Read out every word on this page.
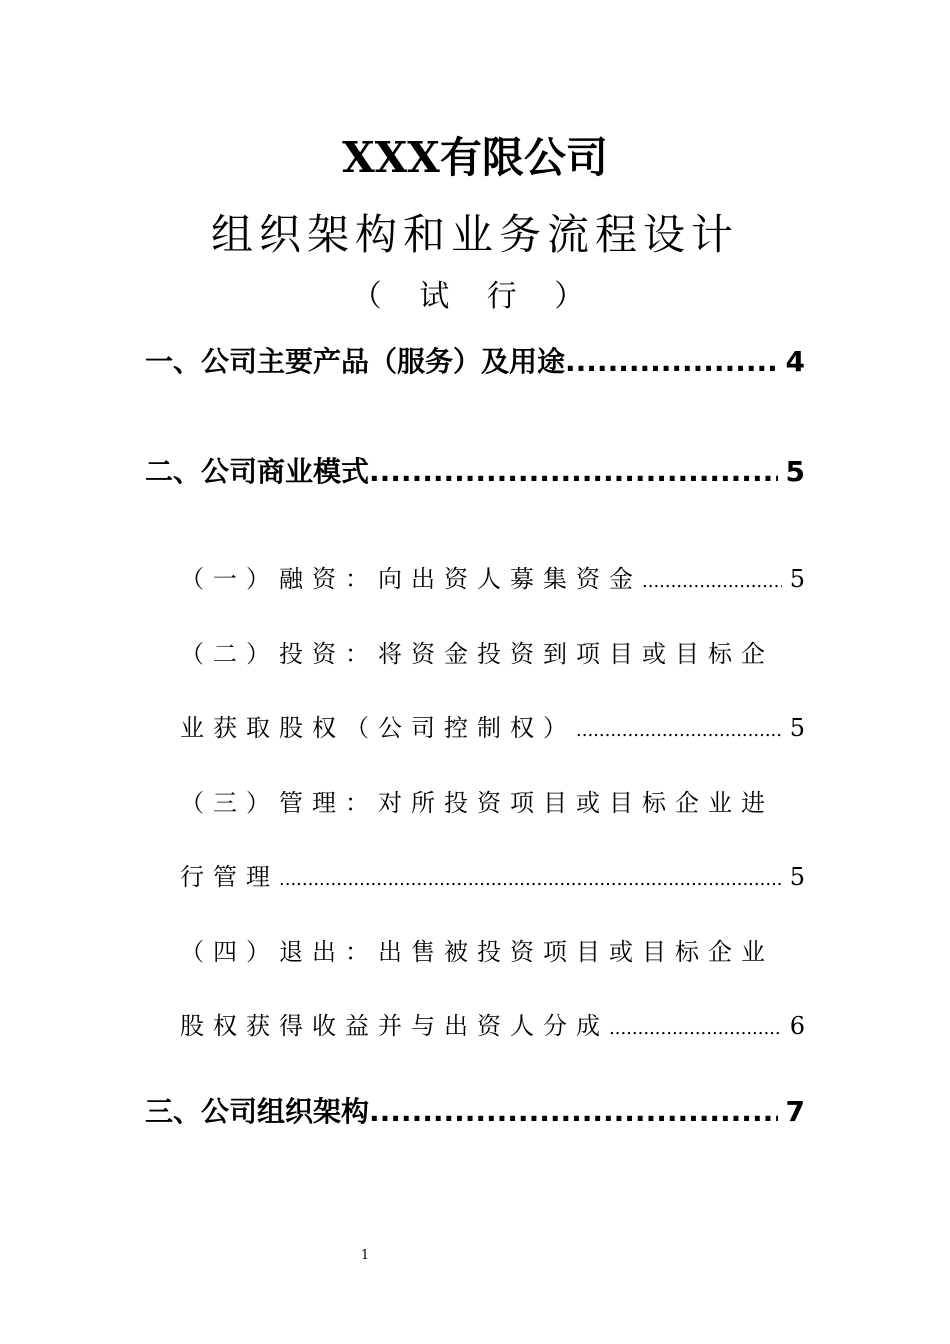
XXX有限公司
组织架构和业务流程设计
（ 试 行 ）
一、公司主要产品（服务）及用途 .....	4
二、公司商业模式 .....	5
（一）融资：向出资人募集资金 .....	5
（二）投资：将资金投资到项目或目标企
业获取股权（公司控制权） .....	5
（三）管理：对所投资项目或目标企业进
行管理 .....	5
（四）退出：出售被投资项目或目标企业
股权获得收益并与出资人分成 .....	6
三、公司组织架构 .....	7
1
